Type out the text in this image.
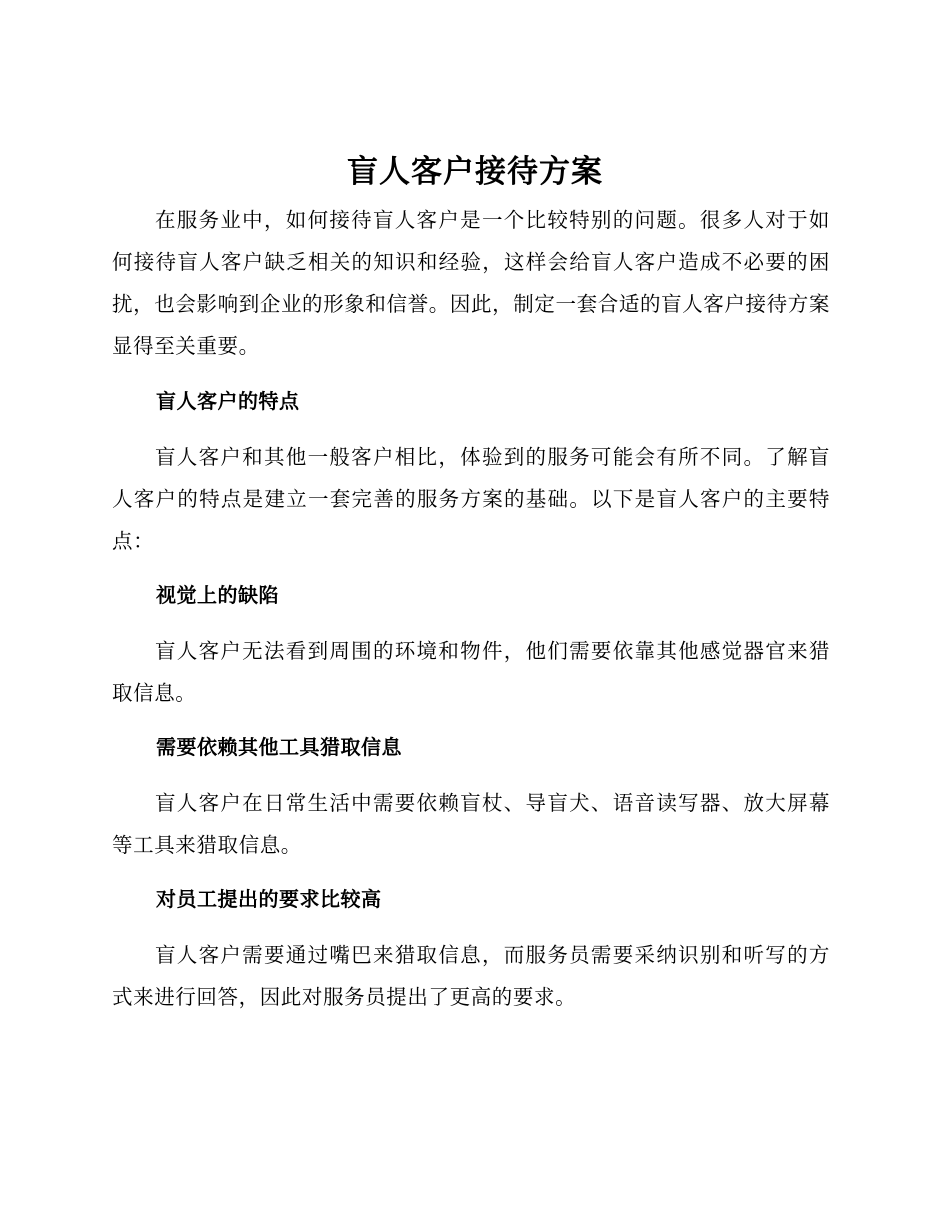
盲人客户接待方案

在服务业中，如何接待盲人客户是一个比较特别的问题。很多人对于如何接待盲人客户缺乏相关的知识和经验，这样会给盲人客户造成不必要的困扰，也会影响到企业的形象和信誉。因此，制定一套合适的盲人客户接待方案显得至关重要。

盲人客户的特点

盲人客户和其他一般客户相比，体验到的服务可能会有所不同。了解盲人客户的特点是建立一套完善的服务方案的基础。以下是盲人客户的主要特点：

视觉上的缺陷

盲人客户无法看到周围的环境和物件，他们需要依靠其他感觉器官来猎取信息。

需要依赖其他工具猎取信息

盲人客户在日常生活中需要依赖盲杖、导盲犬、语音读写器、放大屏幕等工具来猎取信息。

对员工提出的要求比较高

盲人客户需要通过嘴巴来猎取信息，而服务员需要采纳识别和听写的方式来进行回答，因此对服务员提出了更高的要求。
